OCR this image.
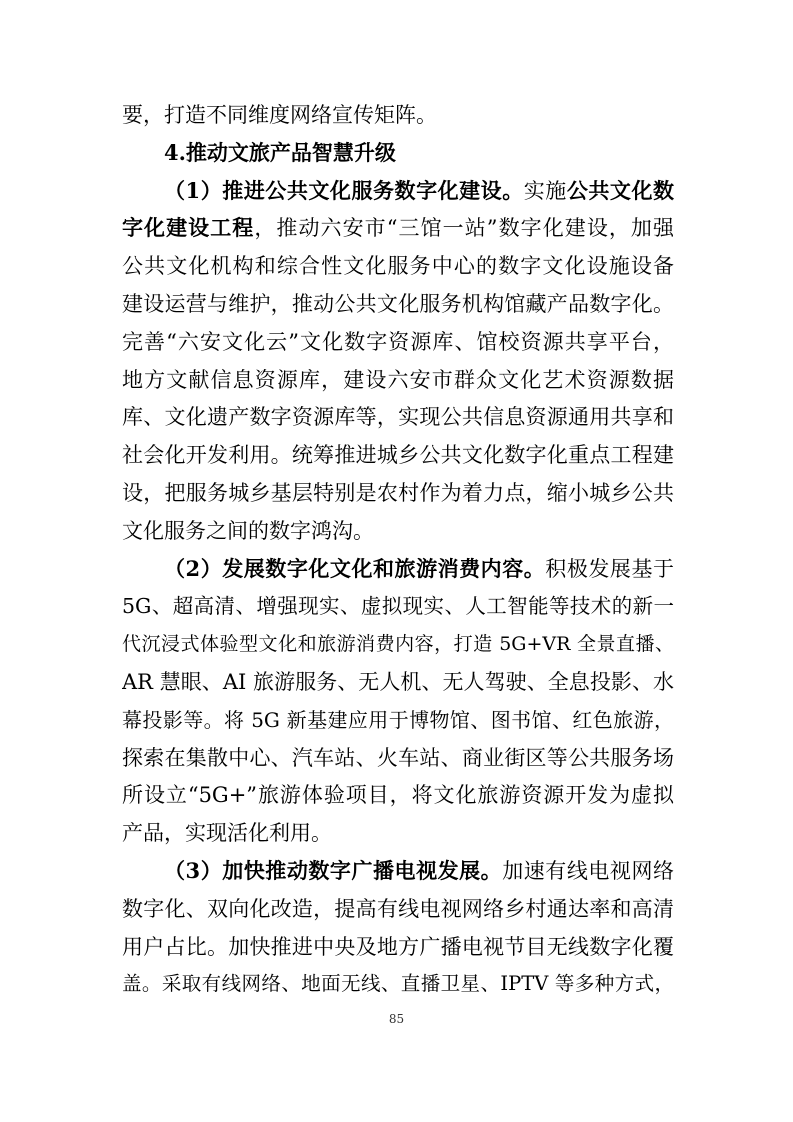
要，打造不同维度网络宣传矩阵。
4.推动文旅产品智慧升级
（1）推进公共文化服务数字化建设。实施公共文化数
字化建设工程，推动六安市“三馆一站”数字化建设，加强
公共文化机构和综合性文化服务中心的数字文化设施设备
建设运营与维护，推动公共文化服务机构馆藏产品数字化。
完善“六安文化云”文化数字资源库、馆校资源共享平台，
地方文献信息资源库，建设六安市群众文化艺术资源数据
库、文化遗产数字资源库等，实现公共信息资源通用共享和
社会化开发利用。统筹推进城乡公共文化数字化重点工程建
设，把服务城乡基层特别是农村作为着力点，缩小城乡公共
文化服务之间的数字鸿沟。
（2）发展数字化文化和旅游消费内容。积极发展基于
5G、超高清、增强现实、虚拟现实、人工智能等技术的新一
代沉浸式体验型文化和旅游消费内容，打造 5G+VR 全景直播、
AR 慧眼、AI 旅游服务、无人机、无人驾驶、全息投影、水
幕投影等。将 5G 新基建应用于博物馆、图书馆、红色旅游，
探索在集散中心、汽车站、火车站、商业街区等公共服务场
所设立“5G+”旅游体验项目，将文化旅游资源开发为虚拟
产品，实现活化利用。
（3）加快推动数字广播电视发展。加速有线电视网络
数字化、双向化改造，提高有线电视网络乡村通达率和高清
用户占比。加快推进中央及地方广播电视节目无线数字化覆
盖。采取有线网络、地面无线、直播卫星、IPTV 等多种方式，
85
